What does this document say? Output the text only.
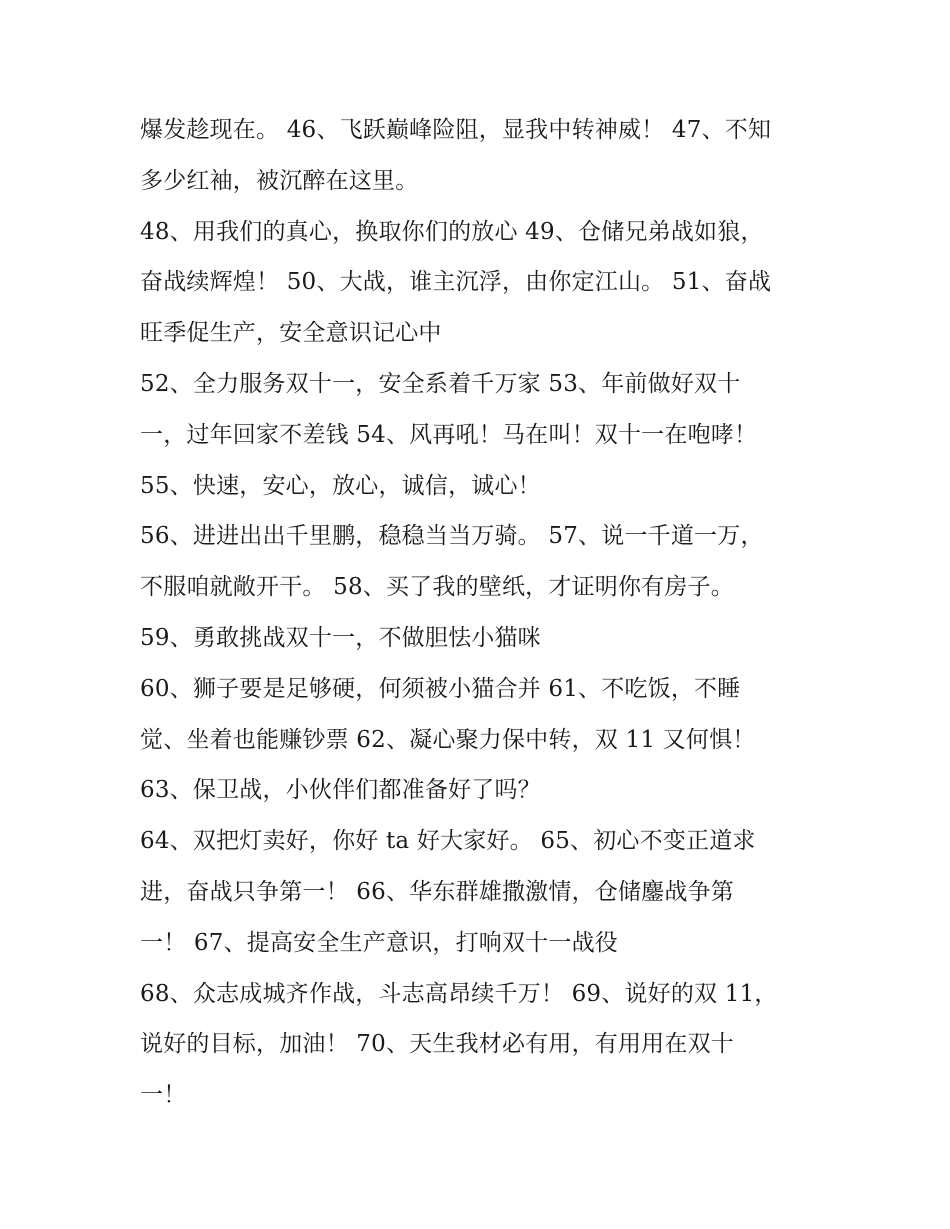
爆发趁现在。 46、飞跃巅峰险阻，显我中转神威！ 47、不知
多少红袖，被沉醉在这里。
48、用我们的真心，换取你们的放心 49、仓储兄弟战如狼，
奋战续辉煌！ 50、大战，谁主沉浮，由你定江山。 51、奋战
旺季促生产，安全意识记心中
52、全力服务双十一，安全系着千万家 53、年前做好双十
一，过年回家不差钱 54、风再吼！马在叫！双十一在咆哮！
55、快速，安心，放心，诚信，诚心！
56、进进出出千里鹏，稳稳当当万骑。 57、说一千道一万，
不服咱就敞开干。 58、买了我的壁纸，才证明你有房子。
59、勇敢挑战双十一，不做胆怯小猫咪
60、狮子要是足够硬，何须被小猫合并 61、不吃饭，不睡
觉、坐着也能赚钞票 62、凝心聚力保中转，双 11 又何惧！
63、保卫战，小伙伴们都准备好了吗？
64、双把灯卖好，你好 ta 好大家好。 65、初心不变正道求
进，奋战只争第一！ 66、华东群雄撒激情，仓储鏖战争第
一！ 67、提高安全生产意识，打响双十一战役
68、众志成城齐作战，斗志高昂续千万！ 69、说好的双 11，
说好的目标，加油！ 70、天生我材必有用，有用用在双十
一！
